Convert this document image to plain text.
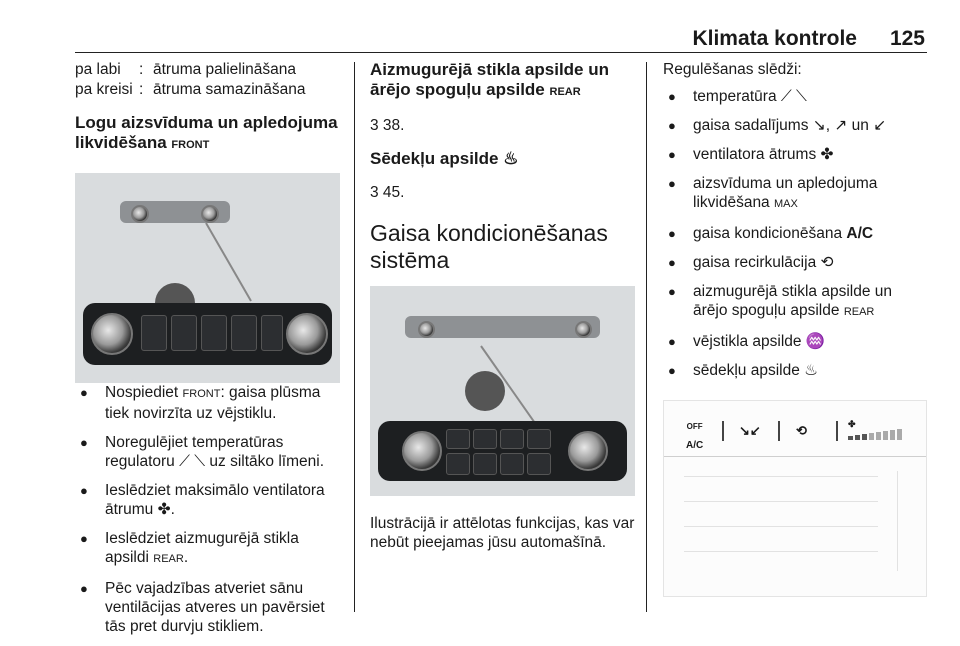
Klimata kontrole 125
pa labi	: ātruma palielināšana
pa kreisi : ātruma samazināšana
Logu aizsvīduma un apledojuma likvidēšana FRONT
● Nospiediet FRONT: gaisa plūsma tiek novirzīta uz vējstiklu.
● Noregulējiet temperatūras regulatoru ⟋ ⟍ uz siltāko līmeni.
● Ieslēdziet maksimālo ventilatora ātrumu ✤.
● Ieslēdziet aizmugurējā stikla apsildi REAR.
● Pēc vajadzības atveriet sānu ventilācijas atveres un pavērsiet tās pret durvju stikliem.
Aizmugurējā stikla apsilde un ārējo spoguļu apsilde REAR

3 38.

Sēdekļu apsilde ♨

3 45.

Gaisa kondicionēšanas sistēma

Ilustrācijā ir attēlotas funkcijas, kas var nebūt pieejamas jūsu automašīnā.

Regulēšanas slēdži:

● temperatūra ⟋ ⟍
● gaisa sadalījums ↘, ↗ un ↙
● ventilatora ātrums ✤
● aizsvīduma un apledojuma likvidēšana MAX
● gaisa kondicionēšana A/C
● gaisa recirkulācija ⟲
● aizmugurējā stikla apsilde un ārējo spoguļu apsilde REAR
● vējstikla apsilde ♒
● sēdekļu apsilde ♨
OFF
A/C
↘↙	⟲	✤
